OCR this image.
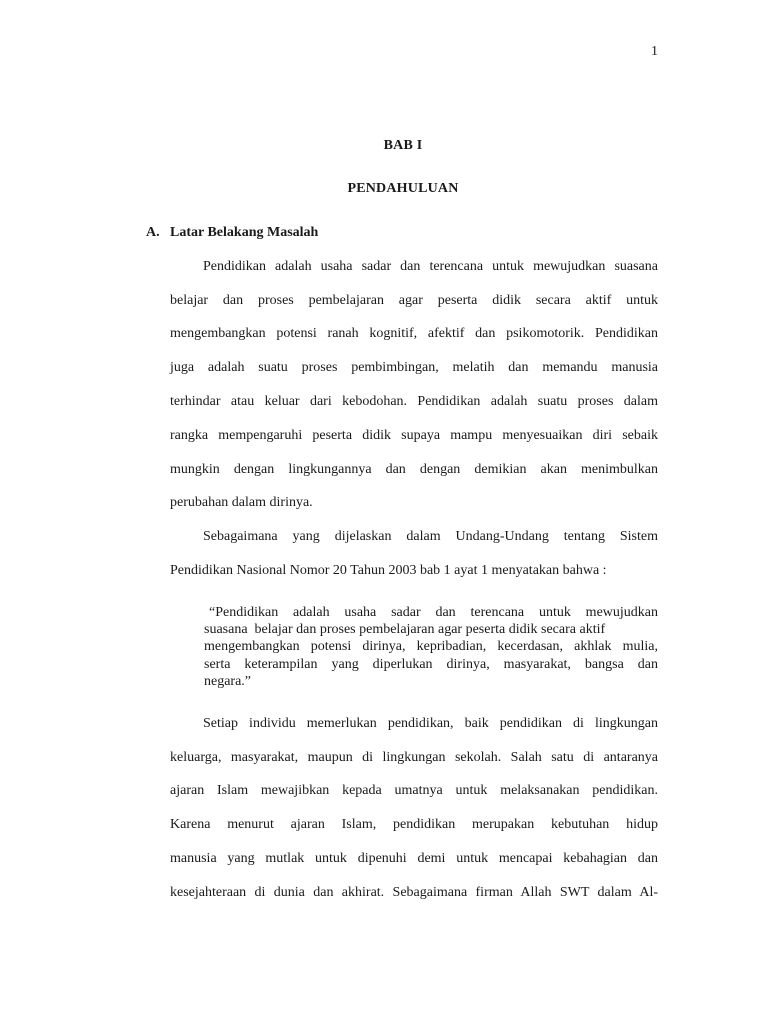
1
BAB I
PENDAHULUAN
A. Latar Belakang Masalah
Pendidikan adalah usaha sadar dan terencana untuk mewujudkan suasana
belajar dan proses pembelajaran agar peserta didik secara aktif untuk
mengembangkan potensi ranah kognitif, afektif dan psikomotorik. Pendidikan
juga adalah suatu proses pembimbingan, melatih dan memandu manusia
terhindar atau keluar dari kebodohan. Pendidikan adalah suatu proses dalam
rangka mempengaruhi peserta didik supaya mampu menyesuaikan diri sebaik
mungkin dengan lingkungannya dan dengan demikian akan menimbulkan
perubahan dalam dirinya.
Sebagaimana yang dijelaskan dalam Undang-Undang tentang Sistem
Pendidikan Nasional Nomor 20 Tahun 2003 bab 1 ayat 1 menyatakan bahwa :
“Pendidikan adalah usaha sadar dan terencana untuk mewujudkan
suasana  belajar dan proses pembelajaran agar peserta didik secara aktif
mengembangkan potensi dirinya, kepribadian, kecerdasan, akhlak mulia,
serta keterampilan yang diperlukan dirinya, masyarakat, bangsa dan
negara.”
Setiap individu memerlukan pendidikan, baik pendidikan di lingkungan
keluarga, masyarakat, maupun di lingkungan sekolah. Salah satu di antaranya
ajaran Islam mewajibkan kepada umatnya untuk melaksanakan pendidikan.
Karena menurut ajaran Islam, pendidikan merupakan kebutuhan hidup
manusia yang mutlak untuk dipenuhi demi untuk mencapai kebahagian dan
kesejahteraan di dunia dan akhirat. Sebagaimana firman Allah SWT dalam Al-
